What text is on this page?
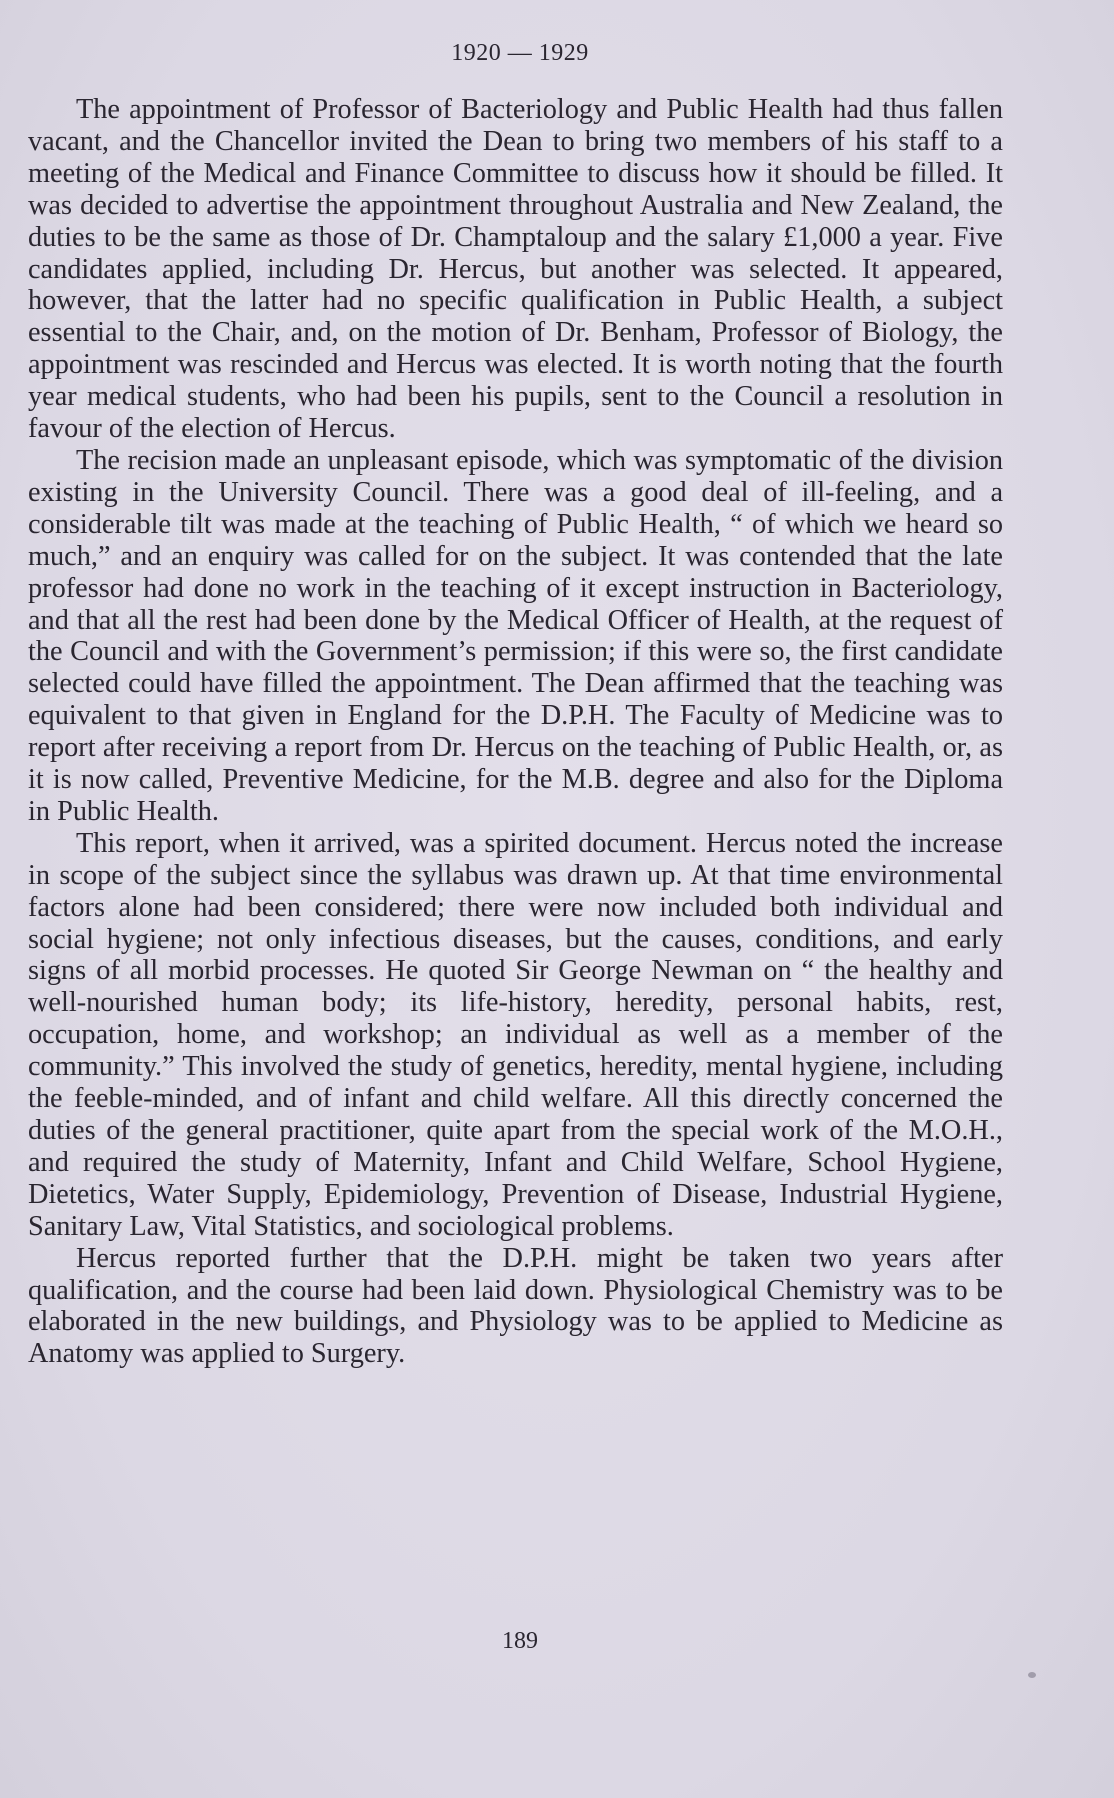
1920 — 1929

The appointment of Professor of Bacteriology and Public Health had thus fallen vacant, and the Chancellor invited the Dean to bring two members of his staff to a meeting of the Medical and Finance Committee to discuss how it should be filled. It was decided to advertise the appointment throughout Australia and New Zealand, the duties to be the same as those of Dr. Champtaloup and the salary £1,000 a year. Five candidates applied, including Dr. Hercus, but another was selected. It appeared, however, that the latter had no specific qualification in Public Health, a subject essential to the Chair, and, on the motion of Dr. Benham, Professor of Biology, the appointment was rescinded and Hercus was elected. It is worth noting that the fourth year medical students, who had been his pupils, sent to the Council a resolution in favour of the election of Hercus.

The recision made an unpleasant episode, which was symptomatic of the division existing in the University Council. There was a good deal of ill-feeling, and a considerable tilt was made at the teaching of Public Health, “ of which we heard so much,” and an enquiry was called for on the subject. It was contended that the late professor had done no work in the teaching of it except instruction in Bacteriology, and that all the rest had been done by the Medical Officer of Health, at the request of the Council and with the Government’s permission; if this were so, the first candidate selected could have filled the appointment. The Dean affirmed that the teaching was equivalent to that given in England for the D.P.H. The Faculty of Medicine was to report after receiving a report from Dr. Hercus on the teaching of Public Health, or, as it is now called, Preventive Medicine, for the M.B. degree and also for the Diploma in Public Health.

This report, when it arrived, was a spirited document. Hercus noted the increase in scope of the subject since the syllabus was drawn up. At that time environmental factors alone had been considered; there were now included both individual and social hygiene; not only infectious diseases, but the causes, conditions, and early signs of all morbid processes. He quoted Sir George Newman on “ the healthy and well-nourished human body; its life-history, heredity, personal habits, rest, occupation, home, and workshop; an individual as well as a member of the community.” This involved the study of genetics, heredity, mental hygiene, including the feeble-minded, and of infant and child welfare. All this directly concerned the duties of the general practitioner, quite apart from the special work of the M.O.H., and required the study of Maternity, Infant and Child Welfare, School Hygiene, Dietetics, Water Supply, Epidemiology, Prevention of Disease, Industrial Hygiene, Sanitary Law, Vital Statistics, and sociological problems.

Hercus reported further that the D.P.H. might be taken two years after qualification, and the course had been laid down. Physiological Chemistry was to be elaborated in the new buildings, and Physiology was to be applied to Medicine as Anatomy was applied to Surgery.

189
